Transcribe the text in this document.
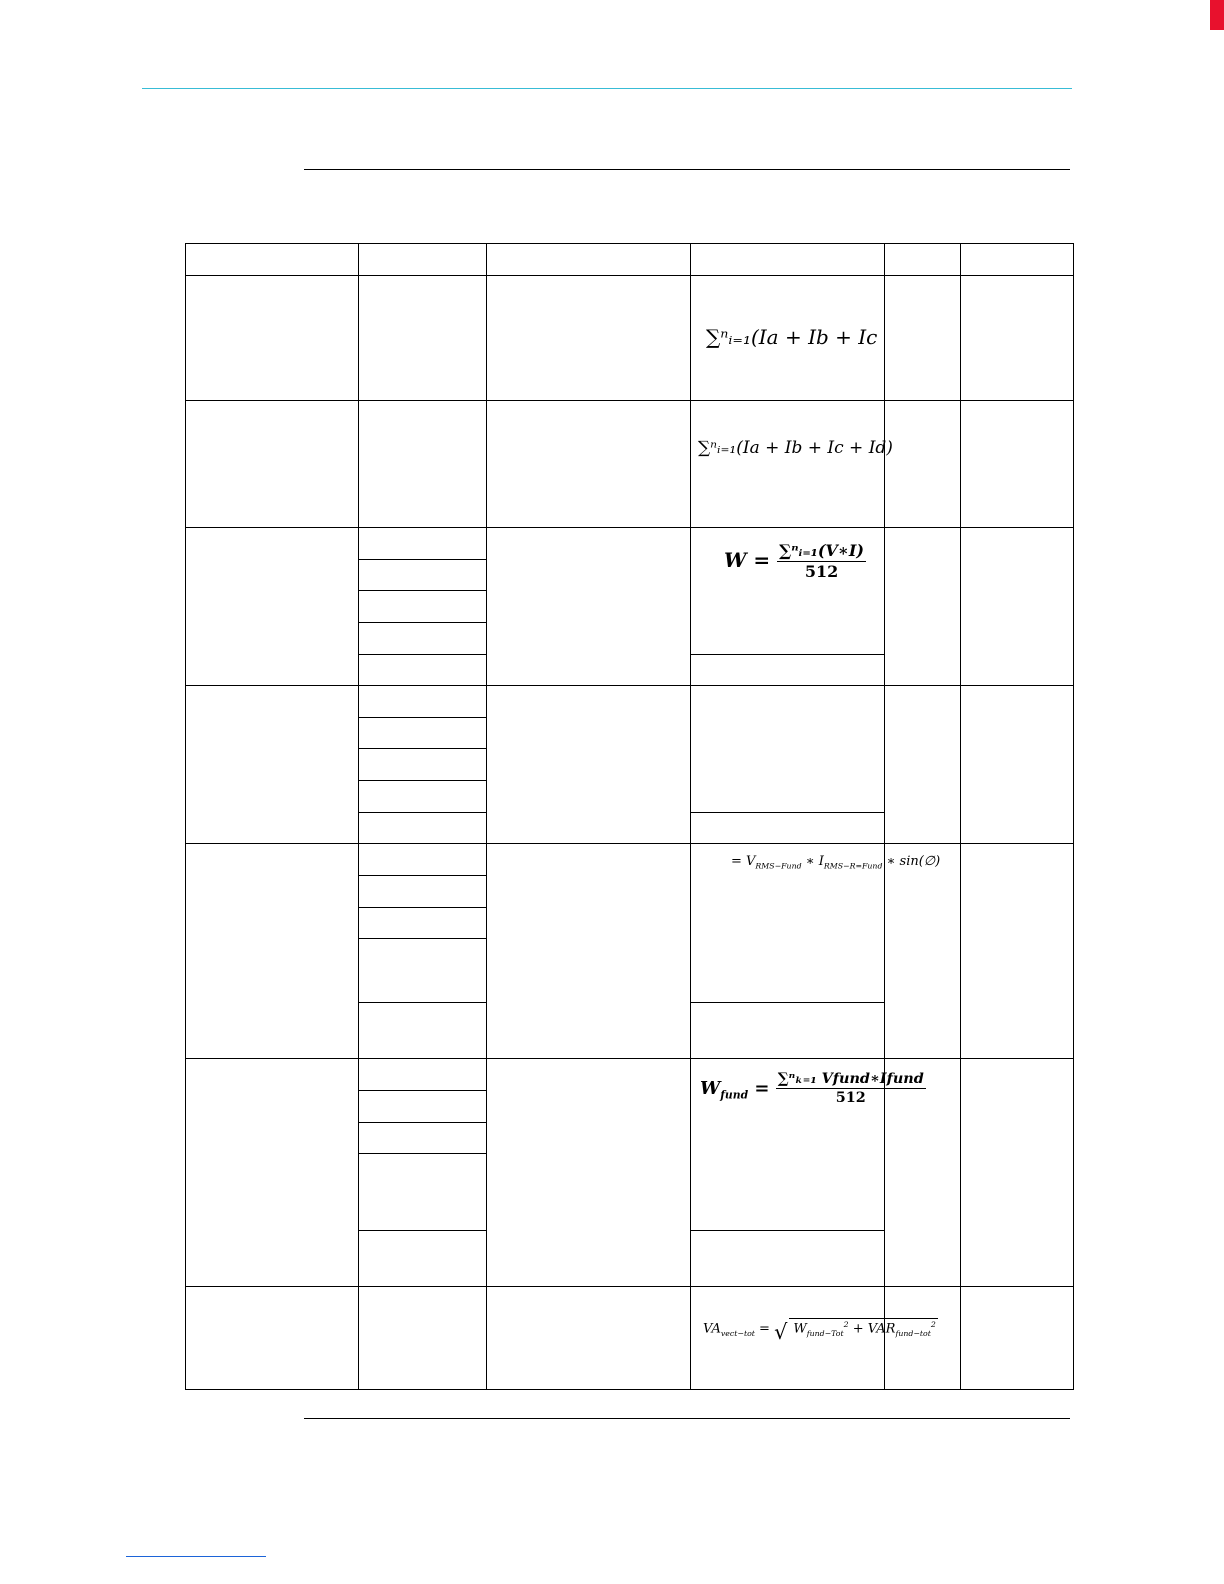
∑ⁿᵢ₌₁(Ia + Ib + Ic
∑ⁿᵢ₌₁(Ia + Ib + Ic + Id)
$W = \frac{\text{∑ⁿᵢ₌₁(V∗I)}}{512}$
= $V_{RMS-Fund}$ ∗ $I_{RMS-R=Fund}$ ∗ sin(∅)
$W_{fund} = \frac{\text{∑ⁿₖ₌₁ Vfund∗Ifund}}{512}$
$VA_{vect-tot}$ = √ $W_{fund-Tot}^2 + VAR_{fund-tot}^2$
